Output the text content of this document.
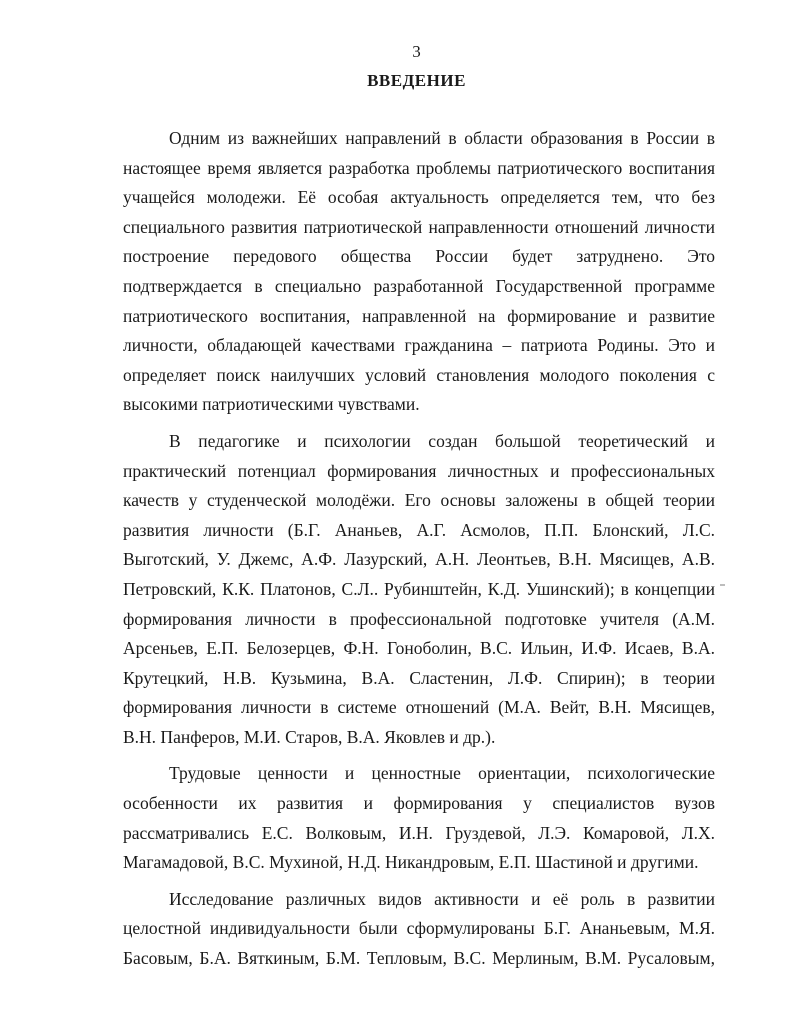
3
ВВЕДЕНИЕ

Одним из важнейших направлений в области образования в России в настоящее время является разработка проблемы патриотического воспитания учащейся молодежи. Её особая актуальность определяется тем, что без специального развития патриотической направленности отношений личности построение передового общества России будет затруднено. Это подтверждается в специально разработанной Государственной программе патриотического воспитания, направленной на формирование и развитие личности, обладающей качествами гражданина – патриота Родины. Это и определяет поиск наилучших условий становления молодого поколения с высокими патриотическими чувствами.

В педагогике и психологии создан большой теоретический и практический потенциал формирования личностных и профессиональных качеств у студенческой молодёжи. Его основы заложены в общей теории развития личности (Б.Г. Ананьев, А.Г. Асмолов, П.П. Блонский, Л.С. Выготский, У. Джемс, А.Ф. Лазурский, А.Н. Леонтьев, В.Н. Мясищев, А.В. Петровский, К.К. Платонов, С.Л.. Рубинштейн, К.Д. Ушинский); в концепции формирования личности в профессиональной подготовке учителя (А.М. Арсеньев, Е.П. Белозерцев, Ф.Н. Гоноболин, В.С. Ильин, И.Ф. Исаев, В.А. Крутецкий, Н.В. Кузьмина, В.А. Сластенин, Л.Ф. Спирин); в теории формирования личности в системе отношений (М.А. Вейт, В.Н. Мясищев, В.Н. Панферов, М.И. Старов, В.А. Яковлев и др.).

Трудовые ценности и ценностные ориентации, психологические особенности их развития и формирования у специалистов вузов рассматривались Е.С. Волковым, И.Н. Груздевой, Л.Э. Комаровой, Л.Х. Магамадовой, В.С. Мухиной, Н.Д. Никандровым, Е.П. Шастиной и другими.

Исследование различных видов активности и её роль в развитии целостной индивидуальности были сформулированы Б.Г. Ананьевым, М.Я. Басовым, Б.А. Вяткиным, Б.М. Тепловым, В.С. Мерлиным, В.М. Русаловым,
